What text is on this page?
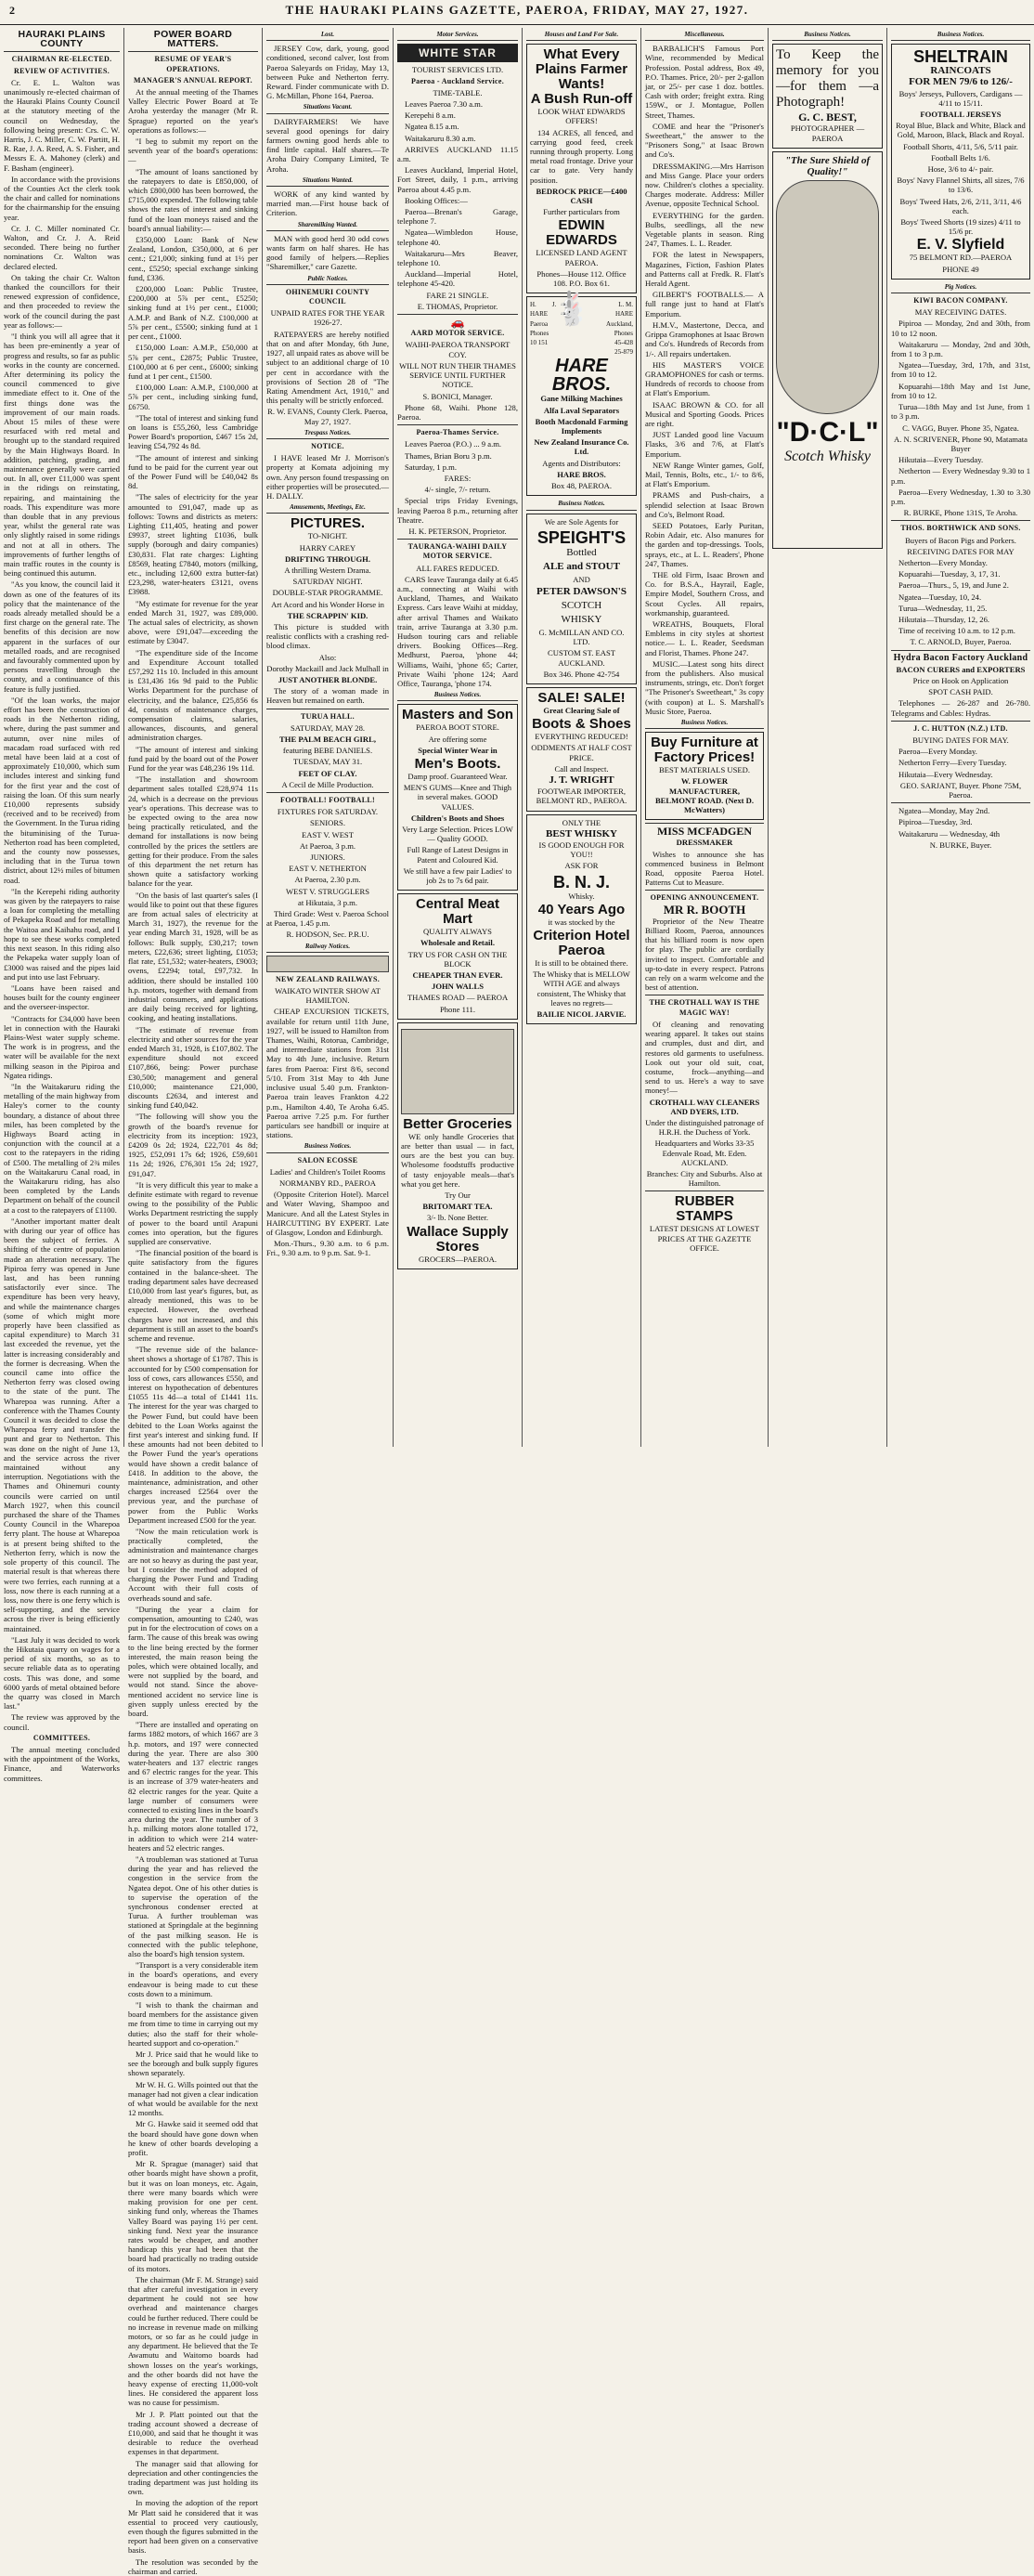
2	THE HAURAKI PLAINS GAZETTE, PAEROA, FRIDAY, MAY 27, 1927.
HAURAKI PLAINS COUNTY
CHAIRMAN RE-ELECTED.
REVIEW OF ACTIVITIES.

Cr. E. L. Walton was unanimously re-elected chairman of the Hauraki Plains County Council at the statutory meeting of the council on Wednesday, the following being present: Crs. C. W. Harris, J. C. Miller, C. W. Partitt, H. R. Rae, J. A. Reed, A. S. Fisher, and Messrs E. A. Mahoney (clerk) and F. Basham (engineer).

In accordance with the provisions of the Counties Act the clerk took the chair and called for nominations for the chairmanship for the ensuing year.

Cr. J. C. Miller nominated Cr. Walton, and Cr. J. A. Reid seconded. There being no further nominations Cr. Walton was declared elected.

On taking the chair Cr. Walton thanked the councillors for their renewed expression of confidence, and then proceeded to review the work of the council during the past year as follows:—

"I think you will all agree that it has been pre-eminently a year of progress and results, so far as public works in the county are concerned. After determining its policy the council commenced to give immediate effect to it. One of the first things done was the improvement of our main roads. About 15 miles of these were resurfaced with red metal and brought up to the standard required by the Main Highways Board. In addition, patching, grading, and maintenance generally were carried out. In all, over £11,000 was spent in the ridings on reinstating, repairing, and maintaining the roads. This expenditure was more than double that in any previous year, whilst the general rate was only slightly raised in some ridings and not at all in others. The improvements of further lengths of main traffic routes in the county is being continued this autumn.

"As you know, the council laid it down as one of the features of its policy that the maintenance of the roads already metalled should be a first charge on the general rate. The benefits of this decision are now apparent in the surfaces of our metalled roads, and are recognised and favourably commented upon by persons travelling through the county, and a continuance of this feature is fully justified.

"Of the loan works, the major effort has been the construction of roads in the Netherton riding, where, during the past summer and autumn, over nine miles of macadam road surfaced with red metal have been laid at a cost of approximately £10,000, which sum includes interest and sinking fund for the first year and the cost of raising the loan. Of this sum nearly £10,000 represents subsidy (received and to be received) from the Government. In the Turua riding the bituminising of the Turua-Netherton road has been completed, and the county now possesses, including that in the Turua town district, about 12½ miles of bitumen road.

"In the Kerepehi riding authority was given by the ratepayers to raise a loan for completing the metalling of Pekapeka Road and for metalling the Waitoa and Kaihahu road, and I hope to see these works completed this next season. In this riding also the Pekapeka water supply loan of £3000 was raised and the pipes laid and put into use last February.

"Loans have been raised and houses built for the county engineer and the overseer-inspector.

"Contracts for £34,000 have been let in connection with the Hauraki Plains-West water supply scheme. The work is in progress, and the water will be available for the next milking season in the Pipiroa and Ngatea ridings.

"In the Waitakaruru riding the metalling of the main highway from Haley's corner to the county boundary, a distance of about three miles, has been completed by the Highways Board acting in conjunction with the council at a cost to the ratepayers in the riding of £500. The metalling of 2¾ miles on the Waitakaruru Canal road, in the Waitakaruru riding, has also been completed by the Lands Department on behalf of the council at a cost to the ratepayers of £1100.

"Another important matter dealt with during our year of office has been the subject of ferries. A shifting of the centre of population made an alteration necessary. The Pipiroa ferry was opened in June last, and has been running satisfactorily ever since. The expenditure has been very heavy, and while the maintenance charges (some of which might more properly have been classified as capital expenditure) to March 31 last exceeded the revenue, yet the latter is increasing considerably and the former is decreasing. When the council came into office the Netherton ferry was closed owing to the state of the punt. The Wharepoa was running. After a conference with the Thames County Council it was decided to close the Wharepoa ferry and transfer the punt and gear to Netherton. This was done on the night of June 13, and the service across the river maintained without any interruption. Negotiations with the Thames and Ohinemuri county councils were carried on until March 1927, when this council purchased the share of the Thames County Council in the Wharepoa ferry plant. The house at Wharepoa is at present being shifted to the Netherton ferry, which is now the sole property of this council. The material result is that whereas there were two ferries, each running at a loss, now there is each running at a loss, now there is one ferry which is self-supporting, and the service across the river is being efficiently maintained.

"Last July it was decided to work the Hikutaia quarry on wages for a period of six months, so as to secure reliable data as to operating costs. This was done, and some 6000 yards of metal obtained before the quarry was closed in March last."

The review was approved by the council.

COMMITTEES.

The annual meeting concluded with the appointment of the Works, Finance, and Waterworks committees.

POWER BOARD MATTERS.
RESUME OF YEAR'S OPERATIONS.
MANAGER'S ANNUAL REPORT.

At the annual meeting of the Thames Valley Electric Power Board at Te Aroha yesterday the manager (Mr R. Sprague) reported on the year's operations as follows:—

"I beg to submit my report on the seventh year of the board's operations:—

"The amount of loans sanctioned by the ratepayers to date is £850,000, of which £800,000 has been borrowed, the £715,000 expended. The following table shows the rates of interest and sinking fund of the loan moneys raised and the board's annual liability:—

£350,000 Loan: Bank of New Zealand, London, £350,000, at 6 per cent.; £21,000; sinking fund at 1½ per cent., £5250; special exchange sinking fund, £336.

£200,000 Loan: Public Trustee, £200,000 at 5⅞ per cent., £5250; sinking fund at 1½ per cent., £1000; A.M.P. and Bank of N.Z. £100,000 at 5⅞ per cent., £5500; sinking fund at 1 per cent., £1000.

£150,000 Loan: A.M.P., £50,000 at 5⅞ per cent., £2875; Public Trustee, £100,000 at 6 per cent., £6000; sinking fund at 1 per cent., £1500.

£100,000 Loan: A.M.P., £100,000 at 5⅞ per cent., including sinking fund, £6750.

"The total of interest and sinking fund on loans is £55,260, less Cambridge Power Board's proportion, £467 15s 2d, leaving £54,792 4s 8d.

"The amount of interest and sinking fund to be paid for the current year out of the Power Fund will be £40,042 8s 8d.

"The sales of electricity for the year amounted to £91,047, made up as follows: Towns and districts as meters: Lighting £11,405, heating and power £9937, street lighting £1036, bulk supply (borough and dairy companies) £30,831. Flat rate charges: Lighting £8569, heating £7840, motors (milking, etc., including 12,600 extra butter-fat) £23,298, water-heaters £3121, ovens £3988.

"My estimate for revenue for the year ended March 31, 1927, was £89,000. The actual sales of electricity, as shown above, were £91,047—exceeding the estimate by £3047.

"The expenditure side of the Income and Expenditure Account totalled £57,292 11s 10. Included in this amount is £31,436 16s 9d paid to the Public Works Department for the purchase of electricity, and the balance, £25,856 6s 4d, consists of maintenance charges, compensation claims, salaries, allowances, discounts, and general administration charges.

"The amount of interest and sinking fund paid by the board out of the Power Fund for the year was £48,236 19s 11d.

"The installation and showroom department sales totalled £28,974 11s 2d, which is a decrease on the previous year's operations. This decrease was to be expected owing to the area now being practically reticulated, and the demand for installations is now being controlled by the prices the settlers are getting for their produce. From the sales of this department the net return has shown quite a satisfactory working balance for the year.

"On the basis of last quarter's sales (I would like to point out that these figures are from actual sales of electricity at March 31, 1927), the revenue for the year ending March 31, 1928, will be as follows: Bulk supply, £30,217; town meters, £22,636; street lighting, £1053; flat rate, £51,532; water-heaters, £9003; ovens, £2294; total, £97,732. In addition, there should be installed 100 h.p. motors, together with demand from industrial consumers, and applications are daily being received for lighting, cooking, and heating installations.

"The estimate of revenue from electricity and other sources for the year ended March 31, 1928, is £107,802. The expenditure should not exceed £107,866, being: Power purchase £30,500; management and general £10,000; maintenance £21,000, discounts £2634, and interest and sinking fund £40,042.

"The following will show you the growth of the board's revenue for electricity from its inception: 1923, £4209 0s 2d; 1924, £22,701 4s 8d; 1925, £52,091 17s 6d; 1926, £59,601 11s 2d; 1926, £76,301 15s 2d; 1927, £91,047.

"It is very difficult this year to make a definite estimate with regard to revenue owing to the possibility of the Public Works Department restricting the supply of power to the board until Arapuni comes into operation, but the figures supplied are conservative.

"The financial position of the board is quite satisfactory from the figures contained in the balance-sheet. The trading department sales have decreased £10,000 from last year's figures, but, as already mentioned, this was to be expected. However, the overhead charges have not increased, and this department is still an asset to the board's scheme and revenue.

"The revenue side of the balance-sheet shows a shortage of £1787. This is accounted for by £500 compensation for loss of cows, cars allowances £550, and interest on hypothecation of debentures £1055 11s 4d—a total of £1441 11s. The interest for the year was charged to the Power Fund, but could have been debited to the Loan Works against the first year's interest and sinking fund. If these amounts had not been debited to the Power Fund the year's operations would have shown a credit balance of £418. In addition to the above, the maintenance, administration, and other charges increased £2564 over the previous year, and the purchase of power from the Public Works Department increased £500 for the year.

"Now the main reticulation work is practically completed, the administration and maintenance charges are not so heavy as during the past year, but I consider the method adopted of charging the Power Fund and Trading Account with their full costs of overheads sound and safe.

"During the year a claim for compensation, amounting to £240, was put in for the electrocution of cows on a farm. The cause of this break was owing to the line being erected by the former interested, the main reason being the poles, which were obtained locally, and were not supplied by the board, and would not stand. Since the above-mentioned accident no service line is given supply unless erected by the board.

"There are installed and operating on farms 1882 motors, of which 1667 are 3 h.p. motors, and 197 were connected during the year. There are also 300 water-heaters and 137 electric ranges and 67 electric ranges for the year. This is an increase of 379 water-heaters and 82 electric ranges for the year. Quite a large number of consumers were connected to existing lines in the board's area during the year. The number of 3 h.p. milking motors alone totalled 172, in addition to which were 214 water-heaters and 52 electric ranges.

"A troubleman was stationed at Turua during the year and has relieved the congestion in the service from the Ngatea depot. One of his other duties is to supervise the operation of the synchronous condenser erected at Turua. A further troubleman was stationed at Springdale at the beginning of the past milking season. He is connected with the public telephone, also the board's high tension system.

"Transport is a very considerable item in the board's operations, and every endeavour is being made to cut these costs down to a minimum.

"I wish to thank the chairman and board members for the assistance given me from time to time in carrying out my duties; also the staff for their whole-hearted support and co-operation."

Mr J. Price said that he would like to see the borough and bulk supply figures shown separately.

Mr W. H. G. Wills pointed out that the manager had not given a clear indication of what would be available for the next 12 months.

Mr G. Hawke said it seemed odd that the board should have gone down when he knew of other boards developing a profit.

Mr R. Sprague (manager) said that other boards might have shown a profit, but it was on loan moneys, etc. Again, there were many boards which were making provision for one per cent. sinking fund only, whereas the Thames Valley Board was paying 1½ per cent. sinking fund. Next year the insurance rates would be cheaper, and another handicap this year had been that the board had practically no trading outside of its motors.

The chairman (Mr F. M. Strange) said that after careful investigation in every department he could not see how overhead and maintenance charges could be further reduced. There could be no increase in revenue made on milking motors, or so far as he could judge in any department. He believed that the Te Awamutu and Waitomo boards had shown losses on the year's workings, and the other boards did not have the heavy expense of erecting 11,000-volt lines. He considered the apparent loss was no cause for pessimism.

Mr J. P. Platt pointed out that the trading account showed a decrease of £10,000, and said that he thought it was desirable to reduce the overhead expenses in that department.

The manager said that allowing for depreciation and other contingencies the trading department was just holding its own.

In moving the adoption of the report Mr Platt said he considered that it was essential to proceed very cautiously, even though the figures submitted in the report had been given on a conservative basis.

The resolution was seconded by the chairman and carried.

Lost.

JERSEY Cow, dark, young, good conditioned, second calver, lost from Paeroa Saleyards on Friday, May 13, between Puke and Netherton ferry. Reward. Finder communicate with D. G. McMillan, Phone 164, Paeroa.

Situations Vacant.

DAIRYFARMERS! We have several good openings for dairy farmers owning good herds able to find little capital. Half shares.—Te Aroha Dairy Company Limited, Te Aroha.

Situations Wanted.

WORK of any kind wanted by married man.—First house back of Criterion.

Sharemilking Wanted.

MAN with good herd 30 odd cows wants farm on half shares. He has good family of helpers.—Replies "Sharemilker," care Gazette.

Public Notices.
OHINEMURI COUNTY COUNCIL

UNPAID RATES FOR THE YEAR 1926-27.

RATEPAYERS are hereby notified that on and after Monday, 6th June, 1927, all unpaid rates as above will be subject to an additional charge of 10 per cent in accordance with the provisions of Section 28 of "The Rating Amendment Act, 1910," and this penalty will be strictly enforced.

R. W. EVANS, County Clerk. Paeroa, May 27, 1927.

Trespass Notices.
NOTICE.

I HAVE leased Mr J. Morrison's property at Komata adjoining my own. Any person found trespassing on either properties will be prosecuted.—H. DALLY.

Amusements, Meetings, Etc.
PICTURES.

TO-NIGHT.

HARRY CAREY

DRIFTING THROUGH.

A thrilling Western Drama.

SATURDAY NIGHT.

DOUBLE-STAR PROGRAMME.

Art Acord and his Wonder Horse in

THE SCRAPPIN' KID.

This picture is studded with realistic conflicts with a crashing red-blood climax.

Also:

Dorothy Mackaill and Jack Mulhall in

JUST ANOTHER BLONDE.

The story of a woman made in Heaven but remained on earth.

TURUA HALL.

SATURDAY, MAY 28.

THE PALM BEACH GIRL,

featuring BEBE DANIELS.

TUESDAY, MAY 31.

FEET OF CLAY.

A Cecil de Mille Production.

FOOTBALL! FOOTBALL!

FIXTURES FOR SATURDAY.

SENIORS.

EAST V. WEST

At Paeroa, 3 p.m.

JUNIORS.

EAST V. NETHERTON

At Paeroa, 2.30 p.m.

WEST V. STRUGGLERS

at Hikutaia, 3 p.m.

Third Grade: West v. Paeroa School at Paeroa, 1.45 p.m.

R. HODSON, Sec. P.R.U.

Railway Notices.
NEW ZEALAND RAILWAYS.

WAIKATO WINTER SHOW AT HAMILTON.

CHEAP EXCURSION TICKETS, available for return until 11th June, 1927, will be issued to Hamilton from Thames, Waihi, Rotorua, Cambridge, and intermediate stations from 31st May to 4th June, inclusive. Return fares from Paeroa: First 8/6, second 5/10. From 31st May to 4th June inclusive usual 5.40 p.m. Frankton-Paeroa train leaves Frankton 4.22 p.m., Hamilton 4.40, Te Aroha 6.45. Paeroa arrive 7.25 p.m. For further particulars see handbill or inquire at stations.

Business Notices.
SALON ECOSSE

Ladies' and Children's Toilet Rooms

NORMANBY RD., PAEROA

(Opposite Criterion Hotel). Marcel and Water Waving, Shampoo and Manicure. And all the Latest Styles in HAIRCUTTING BY EXPERT. Late of Glasgow, London and Edinburgh.

Mon.-Thurs., 9.30 a.m. to 6 p.m. Fri., 9.30 a.m. to 9 p.m. Sat. 9-1.

Motor Services.
WHITE STAR

TOURIST SERVICES LTD.

Paeroa - Auckland Service.

TIME-TABLE.

Leaves Paeroa 7.30 a.m.

Kerepehi 8 a.m.

Ngatea 8.15 a.m.

Waitakaruru 8.30 a.m.

ARRIVES AUCKLAND 11.15 a.m.

Leaves Auckland, Imperial Hotel, Fort Street, daily, 1 p.m., arriving Paeroa about 4.45 p.m.

Booking Offices:—

Paeroa—Brenan's Garage, telephone 7.

Ngatea—Wimbledon House, telephone 40.

Waitakaruru—Mrs Beaver, telephone 10.

Auckland—Imperial Hotel, telephone 45-420.

FARE 21 SINGLE.

E. THOMAS, Proprietor.

🚗
AARD MOTOR SERVICE.

WAIHI-PAEROA TRANSPORT COY.

WILL NOT RUN THEIR THAMES SERVICE UNTIL FURTHER NOTICE.

S. BONICI, Manager.

Phone 68, Waihi. Phone 128, Paeroa.

Paeroa-Thames Service.

Leaves Paeroa (P.O.) ... 9 a.m.

Thames, Brian Boru 3 p.m.

Saturday, 1 p.m.

FARES:

4/- single, 7/- return.

Special trips Friday Evenings, leaving Paeroa 8 p.m., returning after Theatre.

H. K. PETERSON, Proprietor.

TAURANGA-WAIHI DAILY MOTOR SERVICE.

ALL FARES REDUCED.

CARS leave Tauranga daily at 6.45 a.m., connecting at Waihi with Auckland, Thames, and Waikato Express. Cars leave Waihi at midday, after arrival Thames and Waikato train, arrive Tauranga at 3.30 p.m. Hudson touring cars and reliable drivers. Booking Offices—Reg. Medhurst, Paeroa, 'phone 44; Williams, Waihi, 'phone 65; Carter, Private Waihi 'phone 124; Aard Office, Tauranga, 'phone 174.

Business Notices.
Masters and Son

PAEROA BOOT STORE.

Are offering some

Special Winter Wear in

Men's Boots.

Damp proof. Guaranteed Wear.

MEN'S GUMS—Knee and Thigh in several makes. GOOD VALUES.

Children's Boots and Shoes

Very Large Selection. Prices LOW — Quality GOOD.

Full Range of Latest Designs in Patent and Coloured Kid.

We still have a few pair Ladies' to job 2s to 7s 6d pair.

Central Meat Mart

QUALITY ALWAYS

Wholesale and Retail.

TRY US FOR CASH ON THE BLOCK

CHEAPER THAN EVER.

JOHN WALLS

THAMES ROAD — PAEROA

Phone 111.

Better Groceries

WE only handle Groceries that are better than usual — in fact, ours are the best you can buy. Wholesome foodstuffs productive of tasty enjoyable meals—that's what you get here.

Try Our

BRITOMART TEA.

3/- lb. None Better.

Wallace Supply Stores

GROCERS—PAEROA.

Houses and Land For Sale.
What Every Plains Farmer Wants!
A Bush Run-off

LOOK WHAT EDWARDS OFFERS!

134 ACRES, all fenced, and carrying good feed, creek running through property. Long metal road frontage. Drive your car to gate. Very handy position.

BEDROCK PRICE—£400 CASH

Further particulars from

EDWIN EDWARDS

LICENSED LAND AGENT PAEROA.

Phones—House 112. Office 108. P.O. Box 61.

H. J. HARE Paeroa Phones 10 151
🐇🐇	L. M. HARE Auckland, Phones 45-428 25-879
HARE BROS.

Gane Milking Machines

Alfa Laval Separators

Booth Macdonald Farming Implements

New Zealand Insurance Co. Ltd.

Agents and Distributors:

HARE BROS.

Box 48, PAEROA.

Business Notices.

We are Sole Agents for

SPEIGHT'S

Bottled

ALE and STOUT

AND

PETER DAWSON'S

SCOTCH

WHISKY

G. McMILLAN AND CO. LTD.

CUSTOM ST. EAST AUCKLAND.

Box 346. Phone 42-754

SALE! SALE!

Great Clearing Sale of

Boots & Shoes

EVERYTHING REDUCED!

ODDMENTS AT HALF COST PRICE.

Call and Inspect.

J. T. WRIGHT

FOOTWEAR IMPORTER, BELMONT RD., PAEROA.

ONLY THE

BEST WHISKY

IS GOOD ENOUGH FOR YOU!!

ASK FOR

B. N. J.

Whisky.

40 Years Ago

it was stocked by the

Criterion Hotel Paeroa

It is still to be obtained there.

The Whisky that is MELLOW WITH AGE and always consistent, The Whisky that leaves no regrets—

BAILIE NICOL JARVIE.

Miscellaneous.

BARBALICH'S Famous Port Wine, recommended by Medical Profession. Postal address, Box 49, P.O. Thames. Price, 20/- per 2-gallon jar, or 25/- per case 1 doz. bottles. Cash with order; freight extra. Ring 159W., or J. Montague, Pollen Street, Thames.

COME and hear the "Prisoner's Sweetheart," the answer to the "Prisoners Song," at Isaac Brown and Co's.

DRESSMAKING.—Mrs Harrison and Miss Gange. Place your orders now. Children's clothes a speciality. Charges moderate. Address: Miller Avenue, opposite Technical School.

EVERYTHING for the garden. Bulbs, seedlings, all the new Vegetable plants in season. Ring 247, Thames. L. L. Reader.

FOR the latest in Newspapers, Magazines, Fiction, Fashion Plates and Patterns call at Fredk. R. Flatt's Herald Agent.

GILBERT'S FOOTBALLS.— A full range just to hand at Flatt's Emporium.

H.M.V., Mastertone, Decca, and Grippa Gramophones at Isaac Brown and Co's. Hundreds of Records from 1/-. All repairs undertaken.

HIS MASTER'S VOICE GRAMOPHONES for cash or terms. Hundreds of records to choose from at Flatt's Emporium.

ISAAC BROWN & CO. for all Musical and Sporting Goods. Prices are right.

JUST Landed good line Vacuum Flasks, 3/6 and 7/6, at Flatt's Emporium.

NEW Range Winter games, Golf, Mail, Tennis, Bolts, etc., 1/- to 8/6, at Flatt's Emporium.

PRAMS and Push-chairs, a splendid selection at Isaac Brown and Co's, Belmont Road.

SEED Potatoes, Early Puritan, Robin Adair, etc. Also manures for the garden and top-dressings. Tools, sprays, etc., at L. L. Readers', Phone 247, Thames.

THE old Firm, Isaac Brown and Co. for B.S.A., Hayrail, Eagle, Empire Model, Southern Cross, and Scout Cycles. All repairs, workmanship, guaranteed.

WREATHS, Bouquets, Floral Emblems in city styles at shortest notice.— L. L. Reader, Seedsman and Florist, Thames. Phone 247.

MUSIC.—Latest song hits direct from the publishers. Also musical instruments, strings, etc. Don't forget "The Prisoner's Sweetheart," 3s copy (with coupon) at L. S. Marshall's Music Store, Paeroa.

Business Notices.
Buy Furniture at
Factory Prices!

BEST MATERIALS USED.

W. FLOWER MANUFACTURER, BELMONT ROAD. (Next D. McWatters)

MISS MCFADGEN

DRESSMAKER

Wishes to announce she has commenced business in Belmont Road, opposite Paeroa Hotel. Patterns Cut to Measure.

OPENING ANNOUNCEMENT.

MR R. BOOTH

Proprietor of the New Theatre Billiard Room, Paeroa, announces that his billiard room is now open for play. The public are cordially invited to inspect. Comfortable and up-to-date in every respect. Patrons can rely on a warm welcome and the best of attention.

THE CROTHALL WAY IS THE MAGIC WAY!

Of cleaning and renovating wearing apparel. It takes out stains and crumples, dust and dirt, and restores old garments to usefulness. Look out your old suit, coat, costume, frock—anything—and send to us. Here's a way to save money!—

CROTHALL WAY CLEANERS AND DYERS, LTD.

Under the distinguished patronage of H.R.H. the Duchess of York.

Headquarters and Works 33-35 Edenvale Road, Mt. Eden. AUCKLAND.

Branches: City and Suburbs. Also at Hamilton.

RUBBER STAMPS

LATEST DESIGNS AT LOWEST PRICES AT THE GAZETTE OFFICE.

Business Notices.

To Keep the memory for you—for them —a Photograph!

G. C. BEST,

PHOTOGRAPHER — PAEROA

"The Sure Shield of Quality!"

"D·C·L"

Scotch Whisky

Business Notices.
SHELTRAIN

RAINCOATS

FOR MEN 79/6 to 126/-

Boys' Jerseys, Pullovers, Cardigans — 4/11 to 15/11.

FOOTBALL JERSEYS

Royal Blue, Black and White, Black and Gold, Maroon, Black, Black and Royal.

Football Shorts, 4/11, 5/6, 5/11 pair.

Football Belts 1/6.

Hose, 3/6 to 4/- pair.

Boys' Navy Flannel Shirts, all sizes, 7/6 to 13/6.

Boys' Tweed Hats, 2/6, 2/11, 3/11, 4/6 each.

Boys' Tweed Shorts (19 sizes) 4/11 to 15/6 pr.

E. V. Slyfield

75 BELMONT RD.—PAEROA

PHONE 49

Pig Notices.
KIWI BACON COMPANY.

MAY RECEIVING DATES.

Pipiroa — Monday, 2nd and 30th, from 10 to 12 noon.

Waitakaruru — Monday, 2nd and 30th, from 1 to 3 p.m.

Ngatea—Tuesday, 3rd, 17th, and 31st, from 10 to 12.

Kopuarahi—18th May and 1st June, from 10 to 12.

Turua—18th May and 1st June, from 1 to 3 p.m.

C. VAGG, Buyer. Phone 35, Ngatea.

A. N. SCRIVENER, Phone 90, Matamata Buyer

Hikutaia—Every Tuesday.

Netherton — Every Wednesday 9.30 to 1 p.m.

Paeroa—Every Wednesday, 1.30 to 3.30 p.m.

R. BURKE, Phone 131S, Te Aroha.

THOS. BORTHWICK AND SONS.

Buyers of Bacon Pigs and Porkers.

RECEIVING DATES FOR MAY

Netherton—Every Monday.

Kopuarahi—Tuesday, 3, 17, 31.

Paeroa—Thurs., 5, 19, and June 2.

Ngatea—Tuesday, 10, 24.

Turua—Wednesday, 11, 25.

Hikutaia—Thursday, 12, 26.

Time of receiving 10 a.m. to 12 p.m.

T. C. ARNOLD, Buyer, Paeroa.

Hydra Bacon Factory Auckland

BACON CURERS and EXPORTERS

Price on Hook on Application

SPOT CASH PAID.

Telephones — 26-287 and 26-780. Telegrams and Cables: Hydras.

J. C. HUTTON (N.Z.) LTD.

BUYING DATES FOR MAY.

Paeroa—Every Monday.

Netherton Ferry—Every Tuesday.

Hikutaia—Every Wednesday.

GEO. SARJANT, Buyer. Phone 75M, Paeroa.

Ngatea—Monday, May 2nd.

Pipiroa—Tuesday, 3rd.

Waitakaruru — Wednesday, 4th

N. BURKE, Buyer.
